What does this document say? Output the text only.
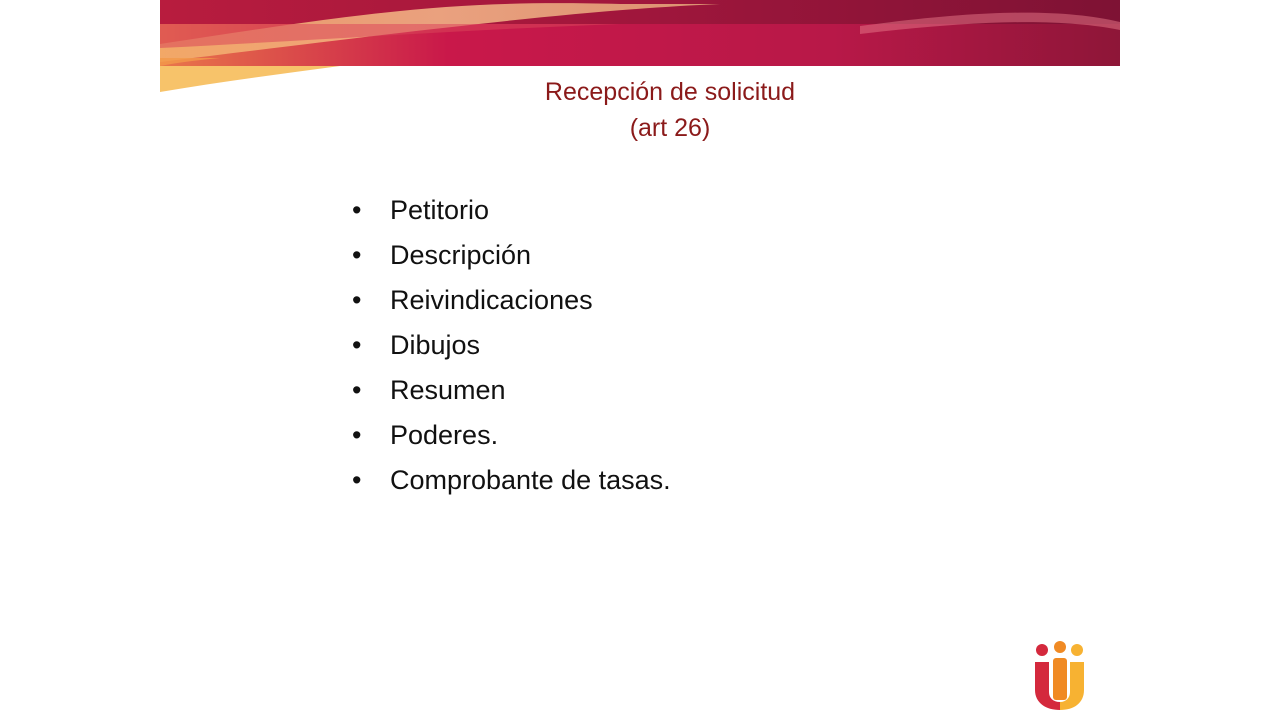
Recepción de solicitud
(art 26)
• Petitorio
• Descripción
• Reivindicaciones
• Dibujos
• Resumen
• Poderes.
• Comprobante de tasas.
